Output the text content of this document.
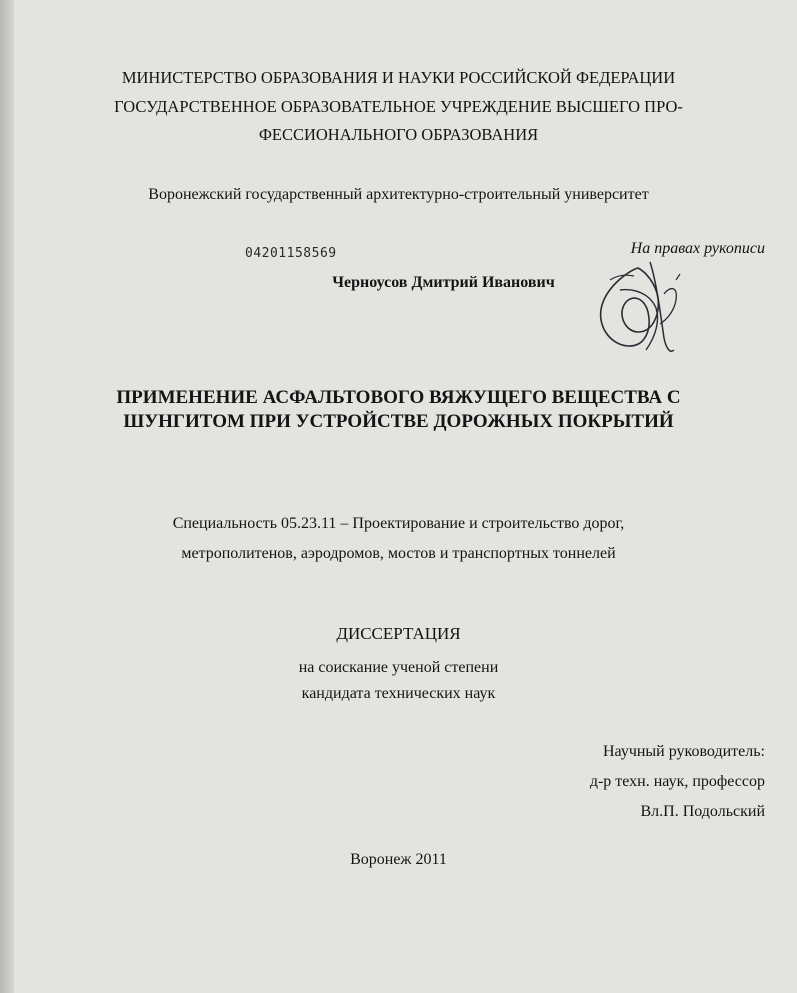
МИНИСТЕРСТВО ОБРАЗОВАНИЯ И НАУКИ РОССИЙСКОЙ ФЕДЕРАЦИИ
ГОСУДАРСТВЕННОЕ ОБРАЗОВАТЕЛЬНОЕ УЧРЕЖДЕНИЕ ВЫСШЕГО ПРО-
ФЕССИОНАЛЬНОГО ОБРАЗОВАНИЯ
Воронежский государственный архитектурно-строительный университет
04201158569	На правах рукописи
Черноусов Дмитрий Иванович
ПРИМЕНЕНИЕ АСФАЛЬТОВОГО ВЯЖУЩЕГО ВЕЩЕСТВА С
ШУНГИТОМ ПРИ УСТРОЙСТВЕ ДОРОЖНЫХ ПОКРЫТИЙ
Специальность 05.23.11 – Проектирование и строительство дорог,
метрополитенов, аэродромов, мостов и транспортных тоннелей
ДИССЕРТАЦИЯ
на соискание ученой степени
кандидата технических наук
Научный руководитель:
д-р техн. наук, профессор
Вл.П. Подольский
Воронеж 2011
